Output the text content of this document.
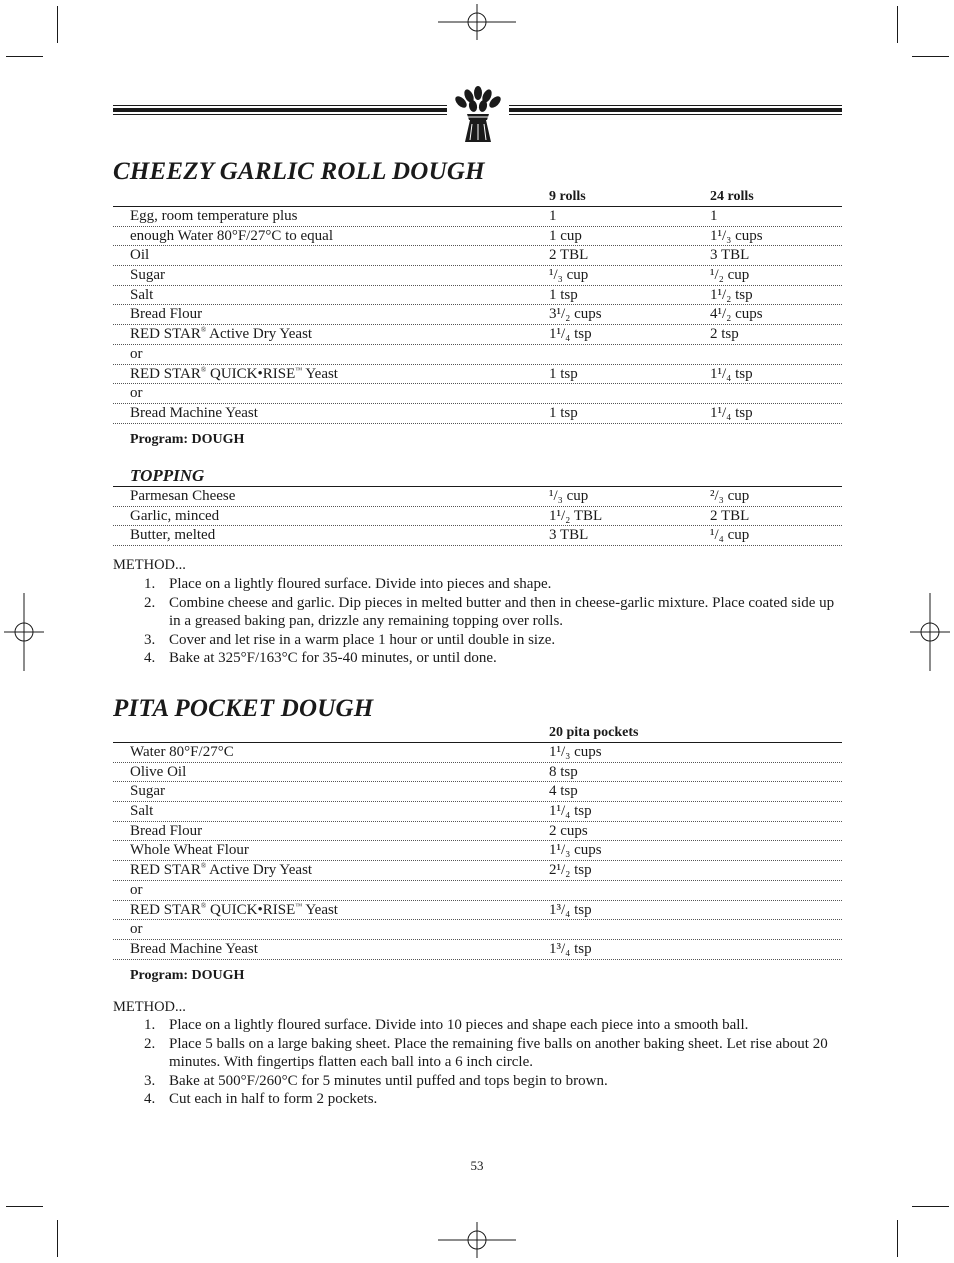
CHEEZY GARLIC ROLL DOUGH
9 rolls	24 rolls
Egg, room temperature plus	1	1
enough Water 80°F/27°C to equal	1 cup	1¹/₃ cups
Oil	2 TBL	3 TBL
Sugar	¹/₃ cup	¹/₂ cup
Salt	1 tsp	1¹/₂ tsp
Bread Flour	3¹/₂ cups	4¹/₂ cups
RED STAR® Active Dry Yeast	1¹/₄ tsp	2 tsp
or
RED STAR® QUICK•RISE™ Yeast	1 tsp	1¹/₄ tsp
or
Bread Machine Yeast	1 tsp	1¹/₄ tsp
Program: DOUGH
TOPPING
Parmesan Cheese	¹/₃ cup	²/₃ cup
Garlic, minced	1¹/₂ TBL	2 TBL
Butter, melted	3 TBL	¹/₄ cup
METHOD...
1. Place on a lightly floured surface. Divide into pieces and shape.
2. Combine cheese and garlic. Dip pieces in melted butter and then in cheese-garlic mixture. Place coated side up in a greased baking pan, drizzle any remaining topping over rolls.
3. Cover and let rise in a warm place 1 hour or until double in size.
4. Bake at 325°F/163°C for 35-40 minutes, or until done.
PITA POCKET DOUGH
20 pita pockets
Water 80°F/27°C	1¹/₃ cups
Olive Oil	8 tsp
Sugar	4 tsp
Salt	1¹/₄ tsp
Bread Flour	2 cups
Whole Wheat Flour	1¹/₃ cups
RED STAR® Active Dry Yeast	2¹/₂ tsp
or
RED STAR® QUICK•RISE™ Yeast	1³/₄ tsp
or
Bread Machine Yeast	1³/₄ tsp
Program: DOUGH
METHOD...
1. Place on a lightly floured surface. Divide into 10 pieces and shape each piece into a smooth ball.
2. Place 5 balls on a large baking sheet. Place the remaining five balls on another baking sheet. Let rise about 20 minutes. With fingertips flatten each ball into a 6 inch circle.
3. Bake at 500°F/260°C for 5 minutes until puffed and tops begin to brown.
4. Cut each in half to form 2 pockets.
53
